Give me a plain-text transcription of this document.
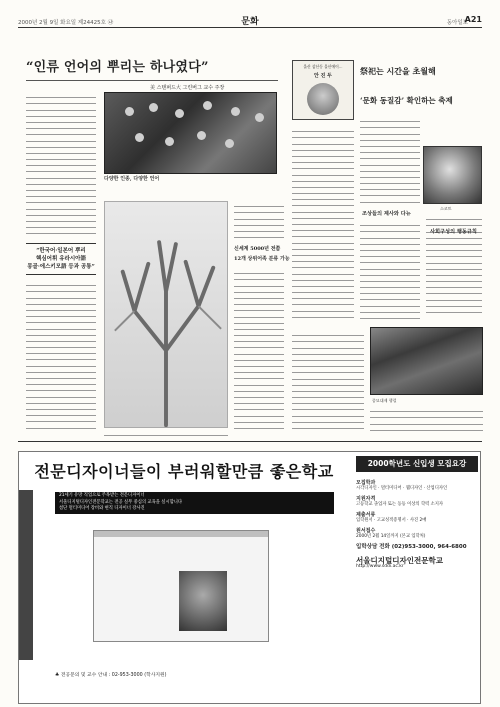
2000년 2월 9일 화요일 제24425호 ㉯	문화	동아일보
A21
“인류 언어의 뿌리는 하나였다”
美 스탠퍼드大 그린버그 교수 주장
다양한 인종, 다양한 언어
“한국어·일본어 뿌리
핵심어휘 유라시아語
몽골·에스키모語 등과 공통”
신세계 5000년 전쯤
12개 상위어족 분류 가능
울산 삼산동 울산에이…
안 진 두	祭祀는 시간을 초월해
‘문화 동질감’ 확인하는 축제
조상들의 제사와 다뉴
스코트
사회구성의 행동규칙
종묘대제 행렬
전문디자이너들이 부러워할만큼 좋은학교	2000학년도 신입생 모집요강
21세기 유망 직업으로 주목받는 전문디자이너
서울디지털디자인전문학교는 전공 실무 중심의 교육을 실시합니다
첨단 멀티미디어 장비와 현직 디자이너 강사진
♣ 전공문의 및 교수 안내 : 02-953-3000 (학사지원)
모집학과
시각디자인 · 멀티미디어 · 웹디자인 · 산업디자인
지원자격
고등학교 졸업자 또는 동등 이상의 학력 소지자
제출서류
입학원서 · 고교성적증명서 · 사진 2매
원서접수
2000년 2월 14일까지 (본교 입학처)
입학상담 전화 (02)953-3000, 964-6800
서울디지털디자인전문학교
http://www.sddi.ac.kr
